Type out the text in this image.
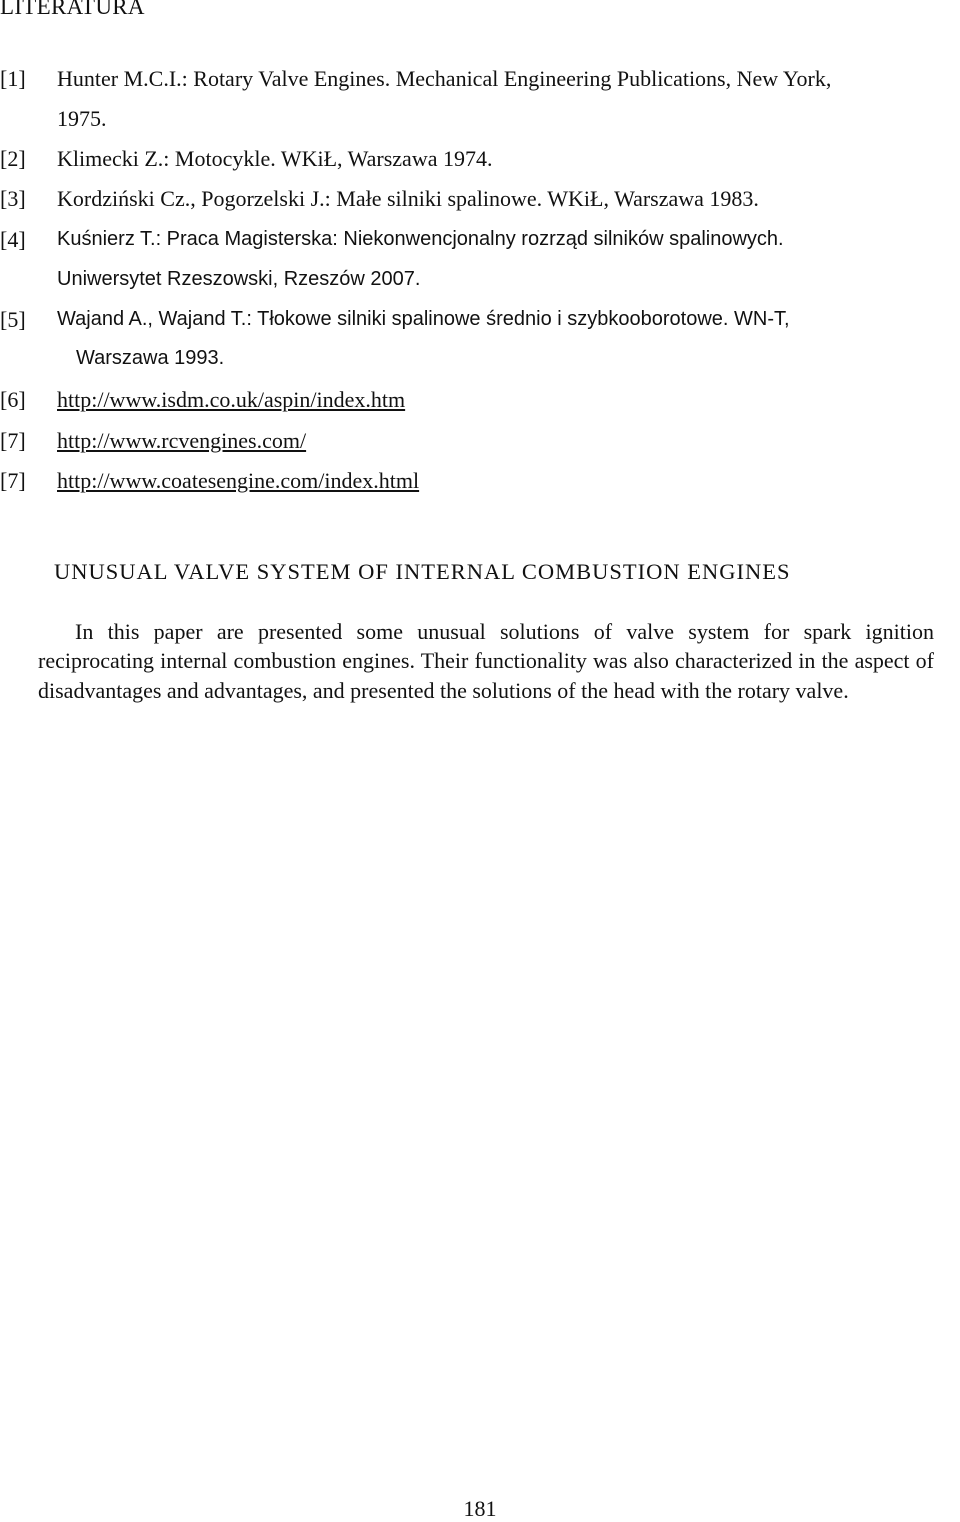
LITERATURA
[1] Hunter M.C.I.: Rotary Valve Engines. Mechanical Engineering Publications, New York,
1975.
[2] Klimecki Z.: Motocykle. WKiŁ, Warszawa 1974.
[3] Kordziński Cz., Pogorzelski J.: Małe silniki spalinowe. WKiŁ, Warszawa 1983.
[4] Kuśnierz T.: Praca Magisterska: Niekonwencjonalny rozrząd silników spalinowych.
Uniwersytet Rzeszowski, Rzeszów 2007.
[5] Wajand A., Wajand T.: Tłokowe silniki spalinowe średnio i szybkooborotowe. WN-T,
Warszawa 1993.
[6] http://www.isdm.co.uk/aspin/index.htm
[7] http://www.rcvengines.com/
[7] http://www.coatesengine.com/index.html
UNUSUAL VALVE SYSTEM OF INTERNAL COMBUSTION ENGINES

In this paper are presented some unusual solutions of valve system for spark ignition reciprocating internal combustion engines. Their functionality was also characterized in the aspect of disadvantages and advantages, and presented the solutions of the head with the rotary valve.

181
